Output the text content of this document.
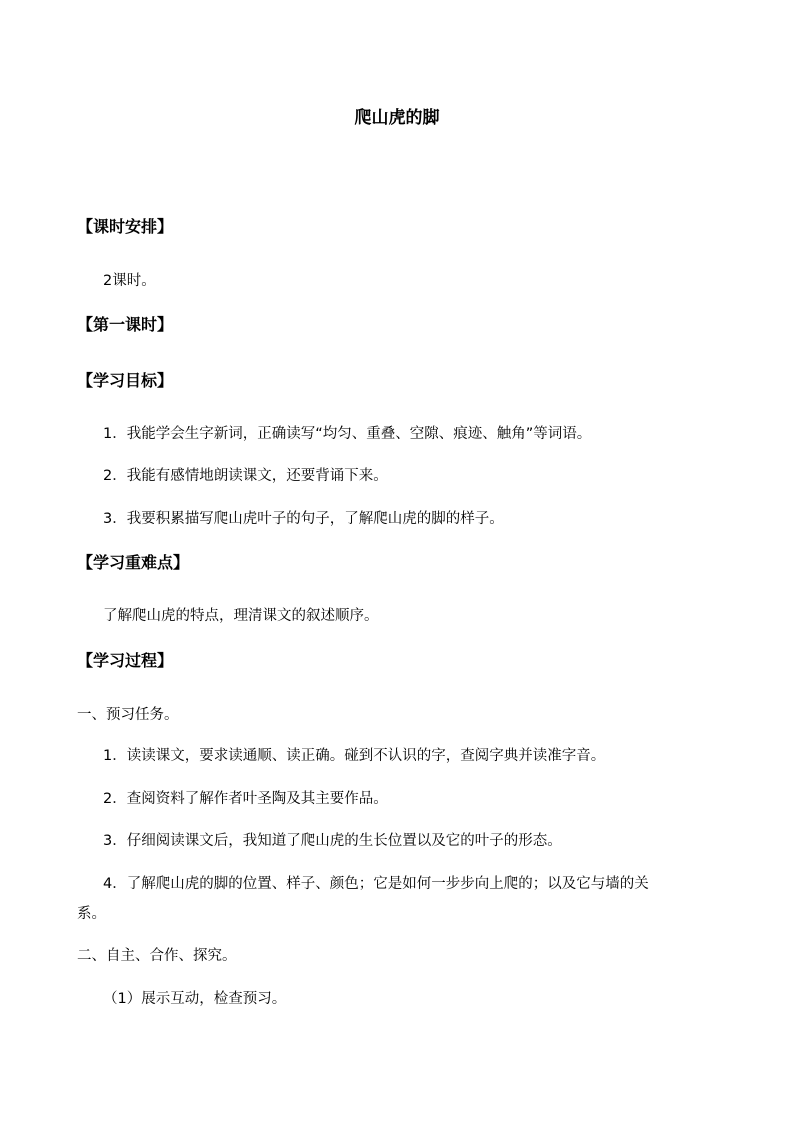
爬山虎的脚
【课时安排】
2课时。
【第一课时】
【学习目标】
1．我能学会生字新词，正确读写“均匀、重叠、空隙、痕迹、触角”等词语。
2．我能有感情地朗读课文，还要背诵下来。
3．我要积累描写爬山虎叶子的句子，了解爬山虎的脚的样子。
【学习重难点】
了解爬山虎的特点，理清课文的叙述顺序。
【学习过程】
一、预习任务。
1．读读课文，要求读通顺、读正确。碰到不认识的字，查阅字典并读准字音。
2．查阅资料了解作者叶圣陶及其主要作品。
3．仔细阅读课文后，我知道了爬山虎的生长位置以及它的叶子的形态。
4．了解爬山虎的脚的位置、样子、颜色；它是如何一步步向上爬的；以及它与墙的关
系。
二、自主、合作、探究。
（1）展示互动，检查预习。
